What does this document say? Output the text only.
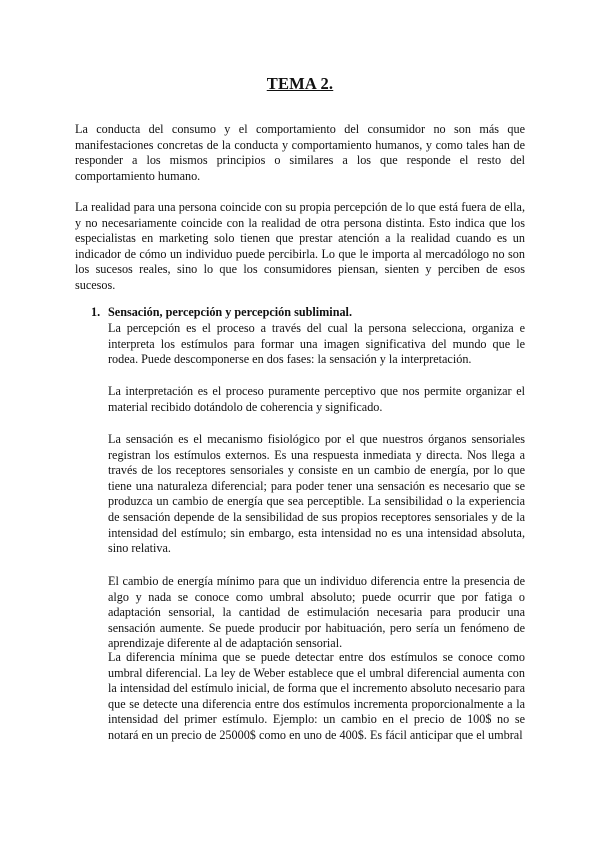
TEMA 2.

La conducta del consumo y el comportamiento del consumidor no son más que manifestaciones concretas de la conducta y comportamiento humanos, y como tales han de responder a los mismos principios o similares a los que responde el resto del comportamiento humano.

La realidad para una persona coincide con su propia percepción de lo que está fuera de ella, y no necesariamente coincide con la realidad de otra persona distinta. Esto indica que los especialistas en marketing solo tienen que prestar atención a la realidad cuando es un indicador de cómo un individuo puede percibirla. Lo que le importa al mercadólogo no son los sucesos reales, sino lo que los consumidores piensan, sienten y perciben de esos sucesos.

1. Sensación, percepción y percepción subliminal.

La percepción es el proceso a través del cual la persona selecciona, organiza e interpreta los estímulos para formar una imagen significativa del mundo que le rodea. Puede descomponerse en dos fases: la sensación y la interpretación.

La interpretación es el proceso puramente perceptivo que nos permite organizar el material recibido dotándolo de coherencia y significado.

La sensación es el mecanismo fisiológico por el que nuestros órganos sensoriales registran los estímulos externos. Es una respuesta inmediata y directa. Nos llega a través de los receptores sensoriales y consiste en un cambio de energía, por lo que tiene una naturaleza diferencial; para poder tener una sensación es necesario que se produzca un cambio de energía que sea perceptible. La sensibilidad o la experiencia de sensación depende de la sensibilidad de sus propios receptores sensoriales y de la intensidad del estímulo; sin embargo, esta intensidad no es una intensidad absoluta, sino relativa.

El cambio de energía mínimo para que un individuo diferencia entre la presencia de algo y nada se conoce como umbral absoluto; puede ocurrir que por fatiga o adaptación sensorial, la cantidad de estimulación necesaria para producir una sensación aumente. Se puede producir por habituación, pero sería un fenómeno de aprendizaje diferente al de adaptación sensorial.

La diferencia mínima que se puede detectar entre dos estímulos se conoce como umbral diferencial. La ley de Weber establece que el umbral diferencial aumenta con la intensidad del estímulo inicial, de forma que el incremento absoluto necesario para que se detecte una diferencia entre dos estímulos incrementa proporcionalmente a la intensidad del primer estímulo. Ejemplo: un cambio en el precio de 100$ no se notará en un precio de 25000$ como en uno de 400$. Es fácil anticipar que el umbral
